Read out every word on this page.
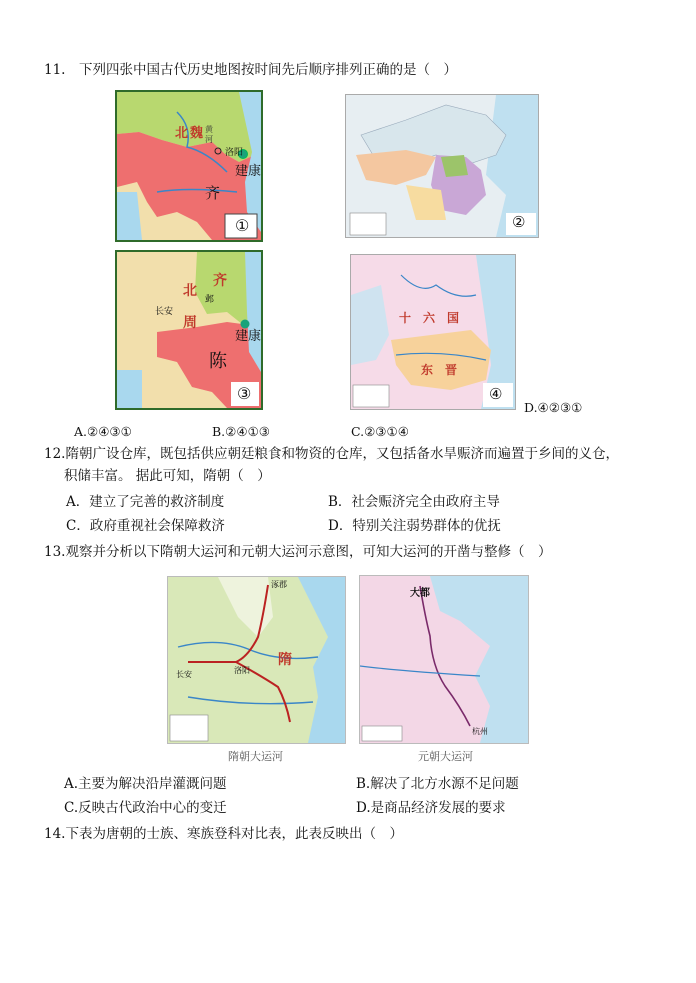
11.　下列四张中国古代历史地图按时间先后顺序排列正确的是（　）
北 魏 黄
河
洛阳
建康
齐
①	②
北
周
齐
邺
长安
建康
陈
③
十　六　国
东　晋
④
A.②④③①	B.②④①③	C.②③①④
D.④②③①
12.隋朝广设仓库，既包括供应朝廷粮食和物资的仓库，又包括备水旱赈济而遍置于乡间的义仓，
积储丰富。 据此可知，隋朝（　）
A．建立了完善的救济制度	B．社会赈济完全由政府主导
C．政府重视社会保障救济	D．特别关注弱势群体的优抚
13.观察并分析以下隋朝大运河和元朝大运河示意图，可知大运河的开凿与整修（　）
隋
长安	洛阳
涿郡
隋朝大运河
大都
杭州
元朝大运河
A.主要为解决沿岸灌溉问题	B.解决了北方水源不足问题
C.反映古代政治中心的变迁	D.是商品经济发展的要求
14.下表为唐朝的士族、寒族登科对比表，此表反映出（　）
